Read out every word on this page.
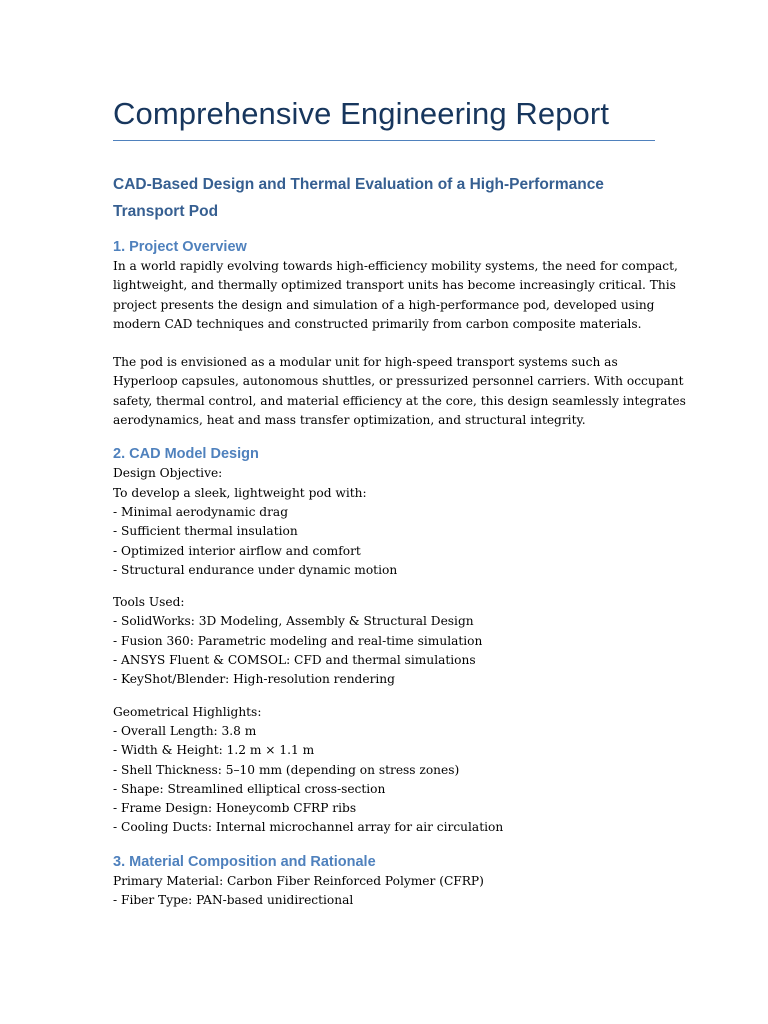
Comprehensive Engineering Report
CAD-Based Design and Thermal Evaluation of a High-Performance
Transport Pod
1. Project Overview

In a world rapidly evolving towards high-efficiency mobility systems, the need for compact,
lightweight, and thermally optimized transport units has become increasingly critical. This
project presents the design and simulation of a high-performance pod, developed using
modern CAD techniques and constructed primarily from carbon composite materials.

The pod is envisioned as a modular unit for high-speed transport systems such as
Hyperloop capsules, autonomous shuttles, or pressurized personnel carriers. With occupant
safety, thermal control, and material efficiency at the core, this design seamlessly integrates
aerodynamics, heat and mass transfer optimization, and structural integrity.

2. CAD Model Design

Design Objective:
To develop a sleek, lightweight pod with:
- Minimal aerodynamic drag
- Sufficient thermal insulation
- Optimized interior airflow and comfort
- Structural endurance under dynamic motion

Tools Used:
- SolidWorks: 3D Modeling, Assembly & Structural Design
- Fusion 360: Parametric modeling and real-time simulation
- ANSYS Fluent & COMSOL: CFD and thermal simulations
- KeyShot/Blender: High-resolution rendering

Geometrical Highlights:
- Overall Length: 3.8 m
- Width & Height: 1.2 m × 1.1 m
- Shell Thickness: 5–10 mm (depending on stress zones)
- Shape: Streamlined elliptical cross-section
- Frame Design: Honeycomb CFRP ribs
- Cooling Ducts: Internal microchannel array for air circulation

3. Material Composition and Rationale

Primary Material: Carbon Fiber Reinforced Polymer (CFRP)
- Fiber Type: PAN-based unidirectional
